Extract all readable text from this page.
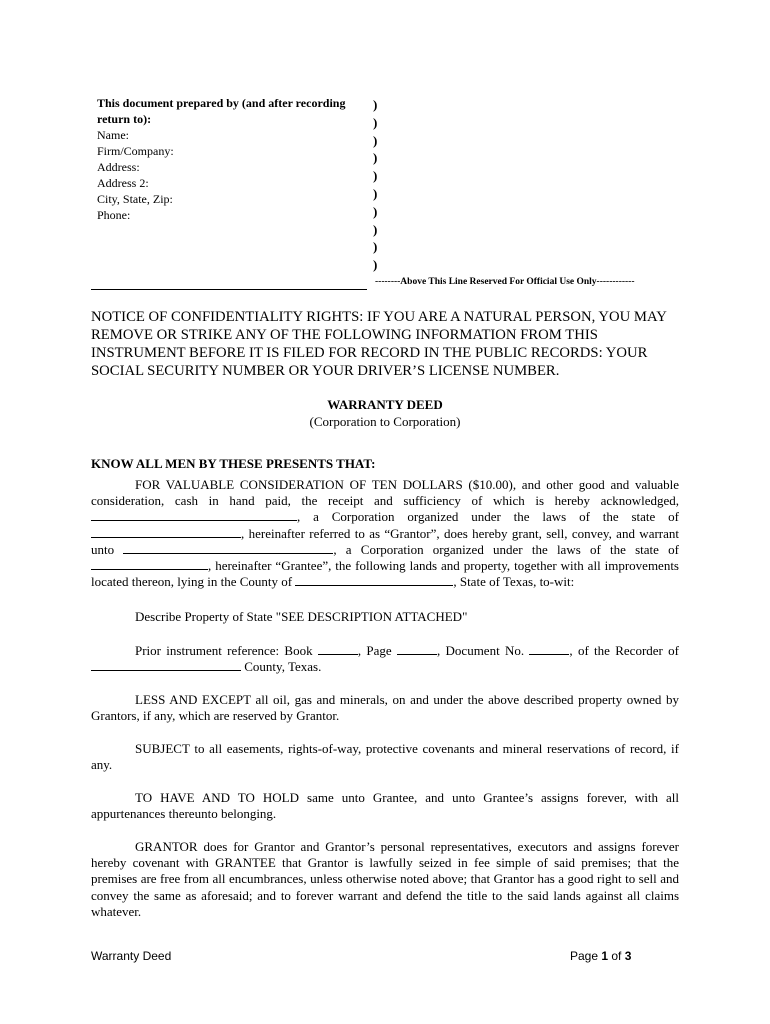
This document prepared by (and after recording
return to):
Name:
Firm/Company:
Address:
Address 2:
City, State, Zip:
Phone:
)
)
)
)
)
)
)
)
)
)
--------Above This Line Reserved For Official Use Only------------
NOTICE OF CONFIDENTIALITY RIGHTS: IF YOU ARE A NATURAL PERSON, YOU MAY REMOVE OR STRIKE ANY OF THE FOLLOWING INFORMATION FROM THIS INSTRUMENT BEFORE IT IS FILED FOR RECORD IN THE PUBLIC RECORDS: YOUR SOCIAL SECURITY NUMBER OR YOUR DRIVER’S LICENSE NUMBER.
WARRANTY DEED
(Corporation to Corporation)
KNOW ALL MEN BY THESE PRESENTS THAT:
FOR VALUABLE CONSIDERATION OF TEN DOLLARS ($10.00), and other good and valuable consideration, cash in hand paid, the receipt and sufficiency of which is hereby acknowledged, , a Corporation organized under the laws of the state of , hereinafter referred to as “Grantor”, does hereby grant, sell, convey, and warrant unto	, a Corporation organized under the laws of the state of , hereinafter “Grantee”, the following lands and property, together with all improvements located thereon, lying in the County of	, State of Texas, to-wit:
Describe Property of State "SEE DESCRIPTION ATTACHED"
Prior instrument reference: Book	, Page	, Document No.	, of the Recorder of  County, Texas.
LESS AND EXCEPT all oil, gas and minerals, on and under the above described property owned by Grantors, if any, which are reserved by Grantor.
SUBJECT to all easements, rights-of-way, protective covenants and mineral reservations of record, if any.
TO HAVE AND TO HOLD same unto Grantee, and unto Grantee’s assigns forever, with all appurtenances thereunto belonging.
GRANTOR does for Grantor and Grantor’s personal representatives, executors and assigns forever hereby covenant with GRANTEE that Grantor is lawfully seized in fee simple of said premises; that the premises are free from all encumbrances, unless otherwise noted above; that Grantor has a good right to sell and convey the same as aforesaid; and to forever warrant and defend the title to the said lands against all claims whatever.
Warranty Deed	Page 1 of 3
